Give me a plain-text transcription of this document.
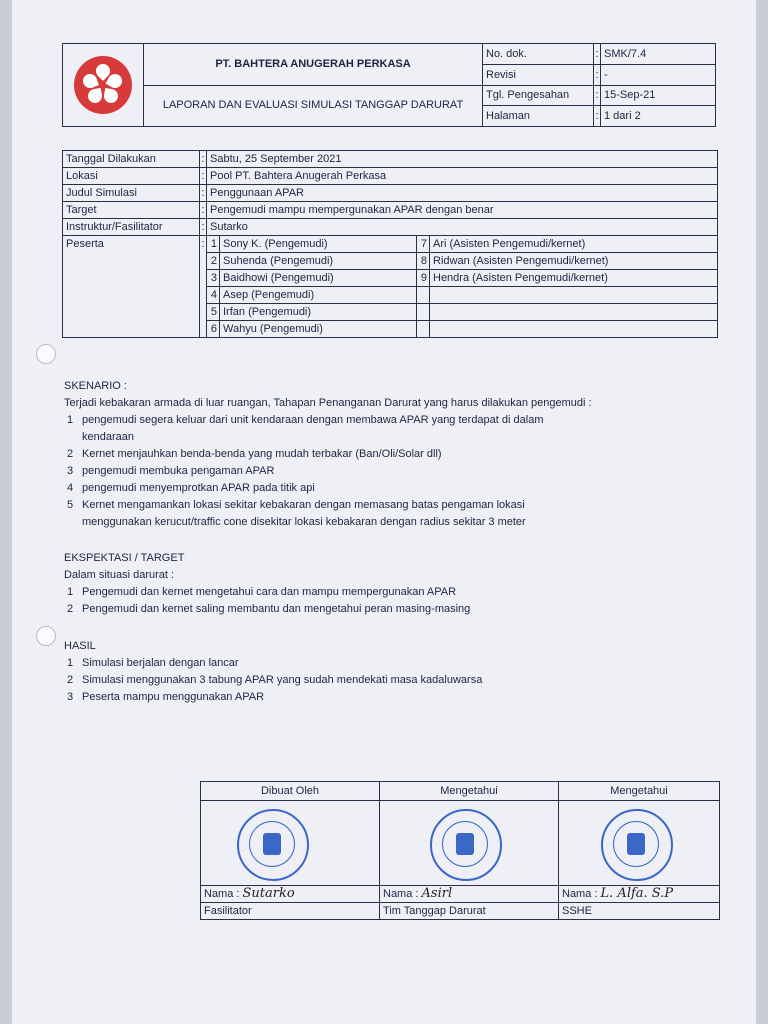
	PT. BAHTERA ANUGERAH PERKASA	No. dok.	:	SMK/7.4
		Revisi	:	-
	LAPORAN DAN EVALUASI SIMULASI TANGGAP DARURAT	Tgl. Pengesahan	:	15-Sep-21
		Halaman	:	1 dari 2
Tanggal Dilakukan	:	Sabtu, 25 September 2021			
Lokasi	:	Pool PT. Bahtera Anugerah Perkasa			
Judul Simulasi	:	Penggunaan APAR			
Target	:	Pengemudi mampu mempergunakan APAR dengan benar			
Instruktur/Fasilitator	:	Sutarko			
Peserta	:	1	Sony K. (Pengemudi)	7	Ari (Asisten Pengemudi/kernet)
		2	Suhenda (Pengemudi)	8	Ridwan (Asisten Pengemudi/kernet)
		3	Baidhowi (Pengemudi)	9	Hendra (Asisten Pengemudi/kernet)
		4	Asep (Pengemudi)		
		5	Irfan (Pengemudi)		
		6	Wahyu (Pengemudi)		
SKENARIO :
Terjadi kebakaran armada di luar ruangan, Tahapan Penanganan Darurat yang harus dilakukan pengemudi :
1 pengemudi segera keluar dari unit kendaraan dengan membawa APAR yang terdapat di dalam
kendaraan
2 Kernet menjauhkan benda-benda yang mudah terbakar (Ban/Oli/Solar dll)
3 pengemudi membuka pengaman APAR
4 pengemudi menyemprotkan APAR pada titik api
5 Kernet mengamankan lokasi sekitar kebakaran dengan memasang batas pengaman lokasi
menggunakan kerucut/traffic cone disekitar lokasi kebakaran dengan radius sekitar 3 meter
EKSPEKTASI / TARGET
Dalam situasi darurat :
1 Pengemudi dan kernet mengetahui cara dan mampu mempergunakan APAR
2 Pengemudi dan kernet saling membantu dan mengetahui peran masing-masing
HASIL
1 Simulasi berjalan dengan lancar
2 Simulasi menggunakan 3 tabung APAR yang sudah mendekati masa kadaluwarsa
3 Peserta mampu menggunakan APAR
Dibuat Oleh	Mengetahui	Mengetahui

Nama : Sutarko	Nama : Asirl	Nama : L. Alfa. S.P
Fasilitator	Tim Tanggap Darurat	SSHE
